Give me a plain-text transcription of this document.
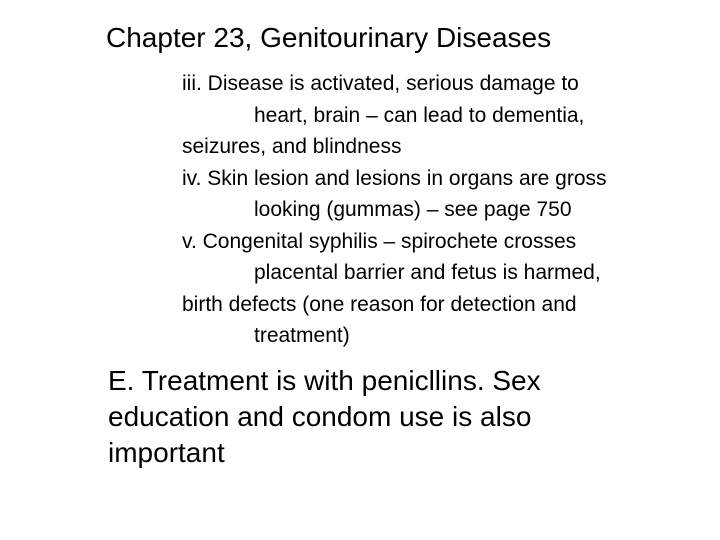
Chapter 23, Genitourinary Diseases
iii. Disease is activated, serious damage to
heart, brain – can lead to dementia,
seizures, and blindness
iv. Skin lesion and lesions in organs are gross
looking (gummas) – see page 750
v. Congenital syphilis – spirochete crosses
placental barrier and fetus is harmed,
birth defects (one reason for detection and
treatment)
E. Treatment is with penicllins. Sex
education and condom use is also
important
